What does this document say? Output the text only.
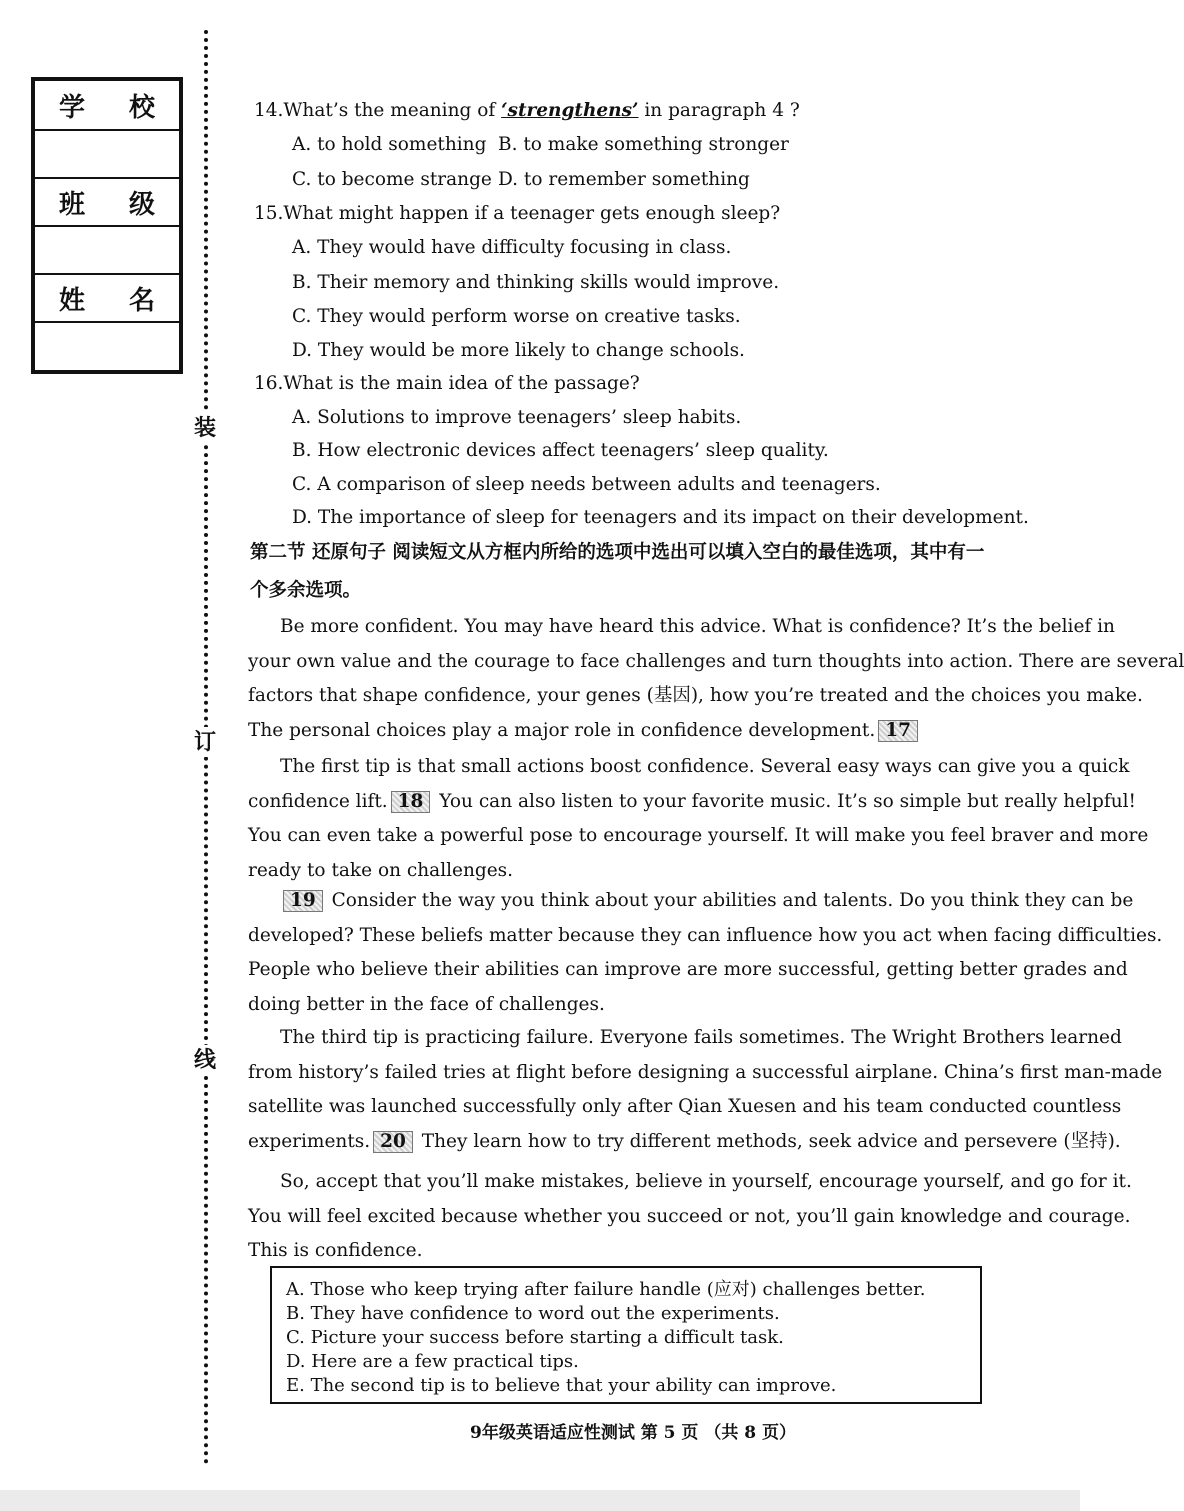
学 校
班 级
姓 名
装
订
线
14.What’s the meaning of ‘strengthens’ in paragraph 4 ?
A. to hold something B. to make something stronger
C. to become strange D. to remember something
15.What might happen if a teenager gets enough sleep?
A. They would have difficulty focusing in class.
B. Their memory and thinking skills would improve.
C. They would perform worse on creative tasks.
D. They would be more likely to change schools.
16.What is the main idea of the passage?
A. Solutions to improve teenagers’ sleep habits.
B. How electronic devices affect teenagers’ sleep quality.
C. A comparison of sleep needs between adults and teenagers.
D. The importance of sleep for teenagers and its impact on their development.
第二节 还原句子 阅读短文从方框内所给的选项中选出可以填入空白的最佳选项，其中有一
个多余选项。
Be more confident. You may have heard this advice. What is confidence? It’s the belief in
your own value and the courage to face challenges and turn thoughts into action. There are several
factors that shape confidence, your genes (基因), how you’re treated and the choices you make.
The personal choices play a major role in confidence development. 17
The first tip is that small actions boost confidence. Several easy ways can give you a quick
confidence lift. 18 You can also listen to your favorite music. It’s so simple but really helpful!
You can even take a powerful pose to encourage yourself. It will make you feel braver and more
ready to take on challenges.
19 Consider the way you think about your abilities and talents. Do you think they can be
developed? These beliefs matter because they can influence how you act when facing difficulties.
People who believe their abilities can improve are more successful, getting better grades and
doing better in the face of challenges.
The third tip is practicing failure. Everyone fails sometimes. The Wright Brothers learned
from history’s failed tries at flight before designing a successful airplane. China’s first man-made
satellite was launched successfully only after Qian Xuesen and his team conducted countless
experiments. 20 They learn how to try different methods, seek advice and persevere (坚持).
So, accept that you’ll make mistakes, believe in yourself, encourage yourself, and go for it.
You will feel excited because whether you succeed or not, you’ll gain knowledge and courage.
This is confidence.
A. Those who keep trying after failure handle (应对) challenges better.
B. They have confidence to word out the experiments.
C. Picture your success before starting a difficult task.
D. Here are a few practical tips.
E. The second tip is to believe that your ability can improve.
9年级英语适应性测试 第 5 页 （共 8 页）
